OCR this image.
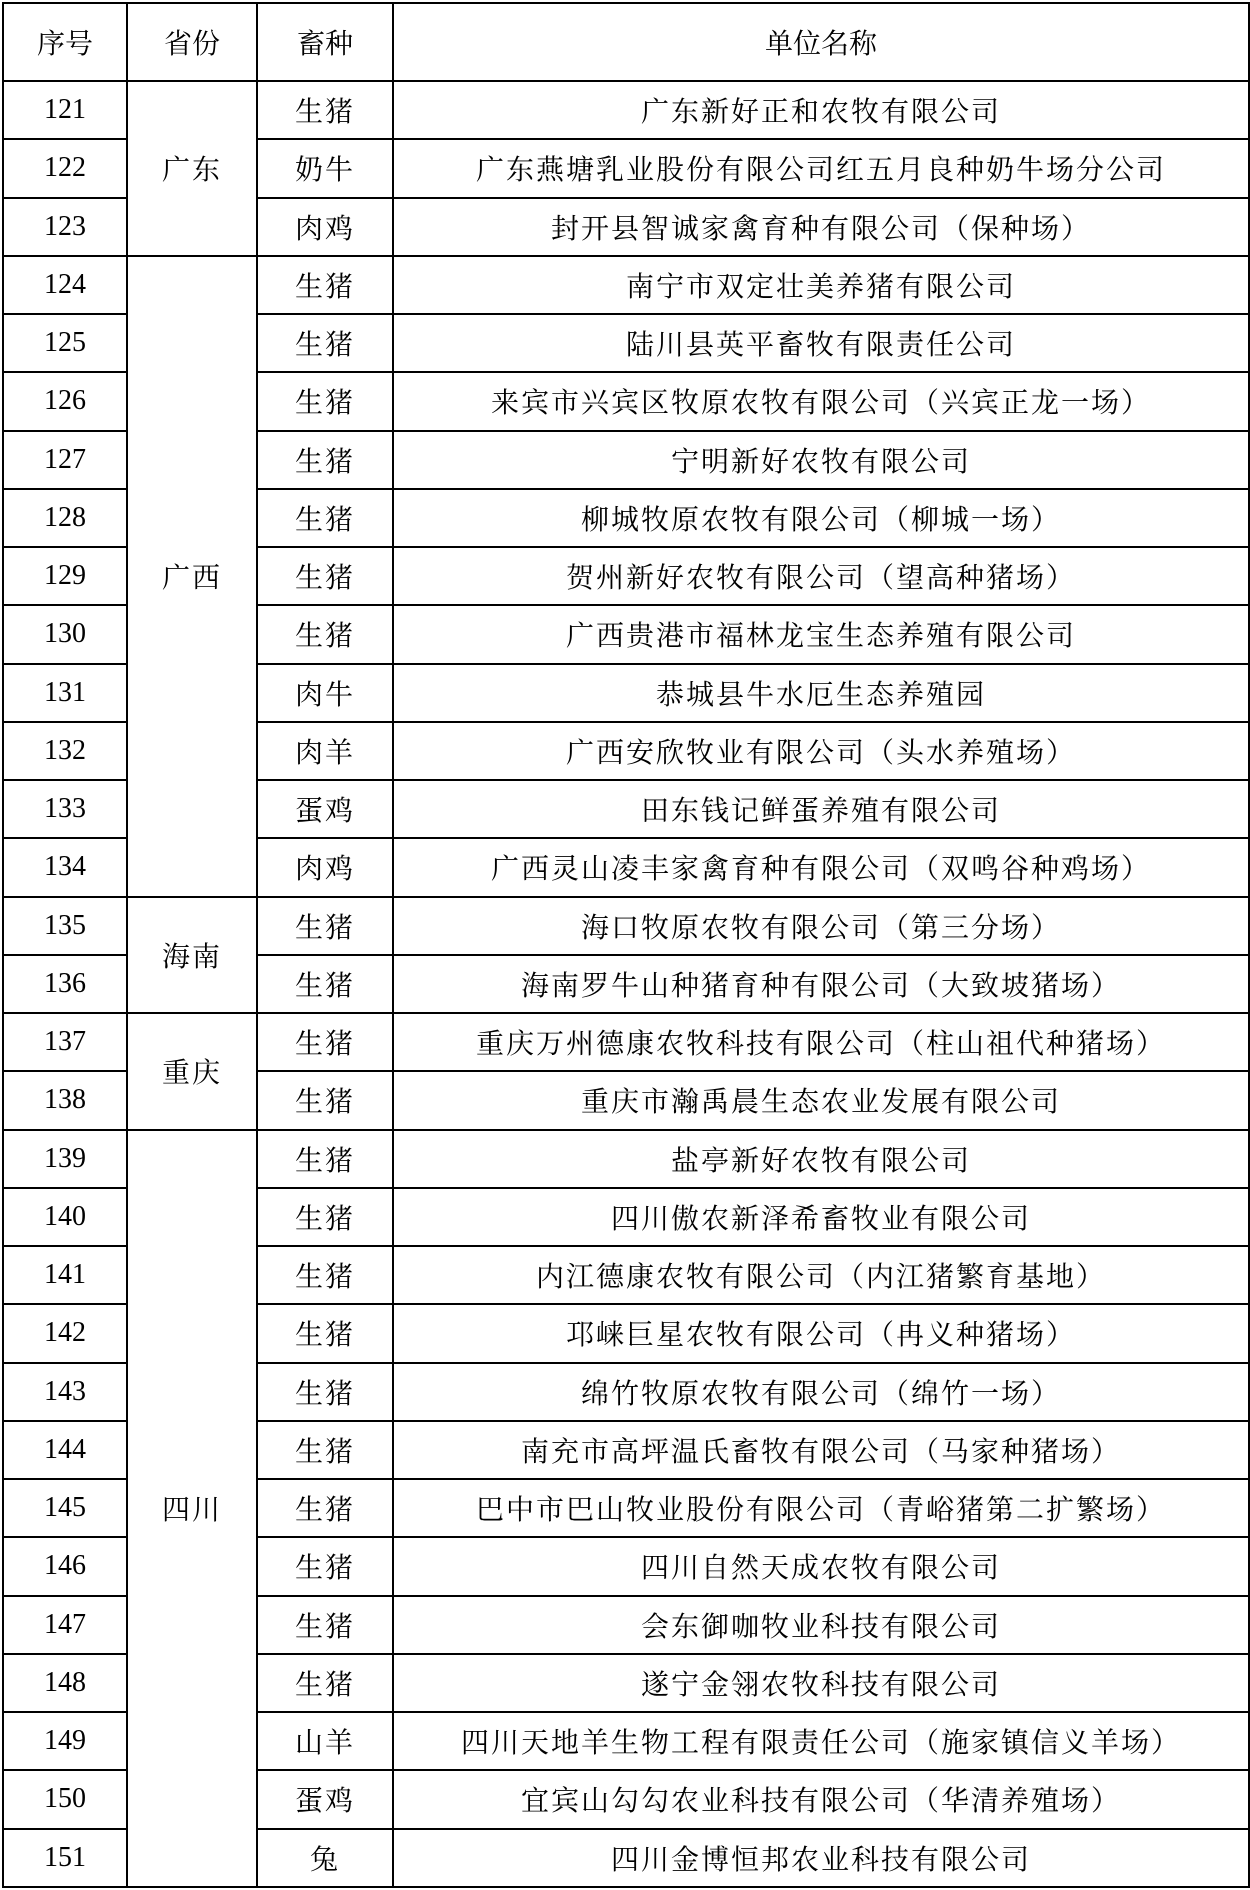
序号	省份	畜种	单位名称
121	广东	生猪	广东新好正和农牧有限公司
122		奶牛	广东燕塘乳业股份有限公司红五月良种奶牛场分公司
123		肉鸡	封开县智诚家禽育种有限公司（保种场）
124	广西	生猪	南宁市双定壮美养猪有限公司
125		生猪	陆川县英平畜牧有限责任公司
126		生猪	来宾市兴宾区牧原农牧有限公司（兴宾正龙一场）
127		生猪	宁明新好农牧有限公司
128		生猪	柳城牧原农牧有限公司（柳城一场）
129		生猪	贺州新好农牧有限公司（望高种猪场）
130		生猪	广西贵港市福林龙宝生态养殖有限公司
131		肉牛	恭城县牛水厄生态养殖园
132		肉羊	广西安欣牧业有限公司（头水养殖场）
133		蛋鸡	田东钱记鲜蛋养殖有限公司
134		肉鸡	广西灵山凌丰家禽育种有限公司（双鸣谷种鸡场）
135	海南	生猪	海口牧原农牧有限公司（第三分场）
136		生猪	海南罗牛山种猪育种有限公司（大致坡猪场）
137	重庆	生猪	重庆万州德康农牧科技有限公司（柱山祖代种猪场）
138		生猪	重庆市瀚禹晨生态农业发展有限公司
139	四川	生猪	盐亭新好农牧有限公司
140		生猪	四川傲农新泽希畜牧业有限公司
141		生猪	内江德康农牧有限公司（内江猪繁育基地）
142		生猪	邛崃巨星农牧有限公司（冉义种猪场）
143		生猪	绵竹牧原农牧有限公司（绵竹一场）
144		生猪	南充市高坪温氏畜牧有限公司（马家种猪场）
145		生猪	巴中市巴山牧业股份有限公司（青峪猪第二扩繁场）
146		生猪	四川自然天成农牧有限公司
147		生猪	会东御咖牧业科技有限公司
148		生猪	遂宁金翎农牧科技有限公司
149		山羊	四川天地羊生物工程有限责任公司（施家镇信义羊场）
150		蛋鸡	宜宾山勾勾农业科技有限公司（华清养殖场）
151		兔	四川金博恒邦农业科技有限公司
